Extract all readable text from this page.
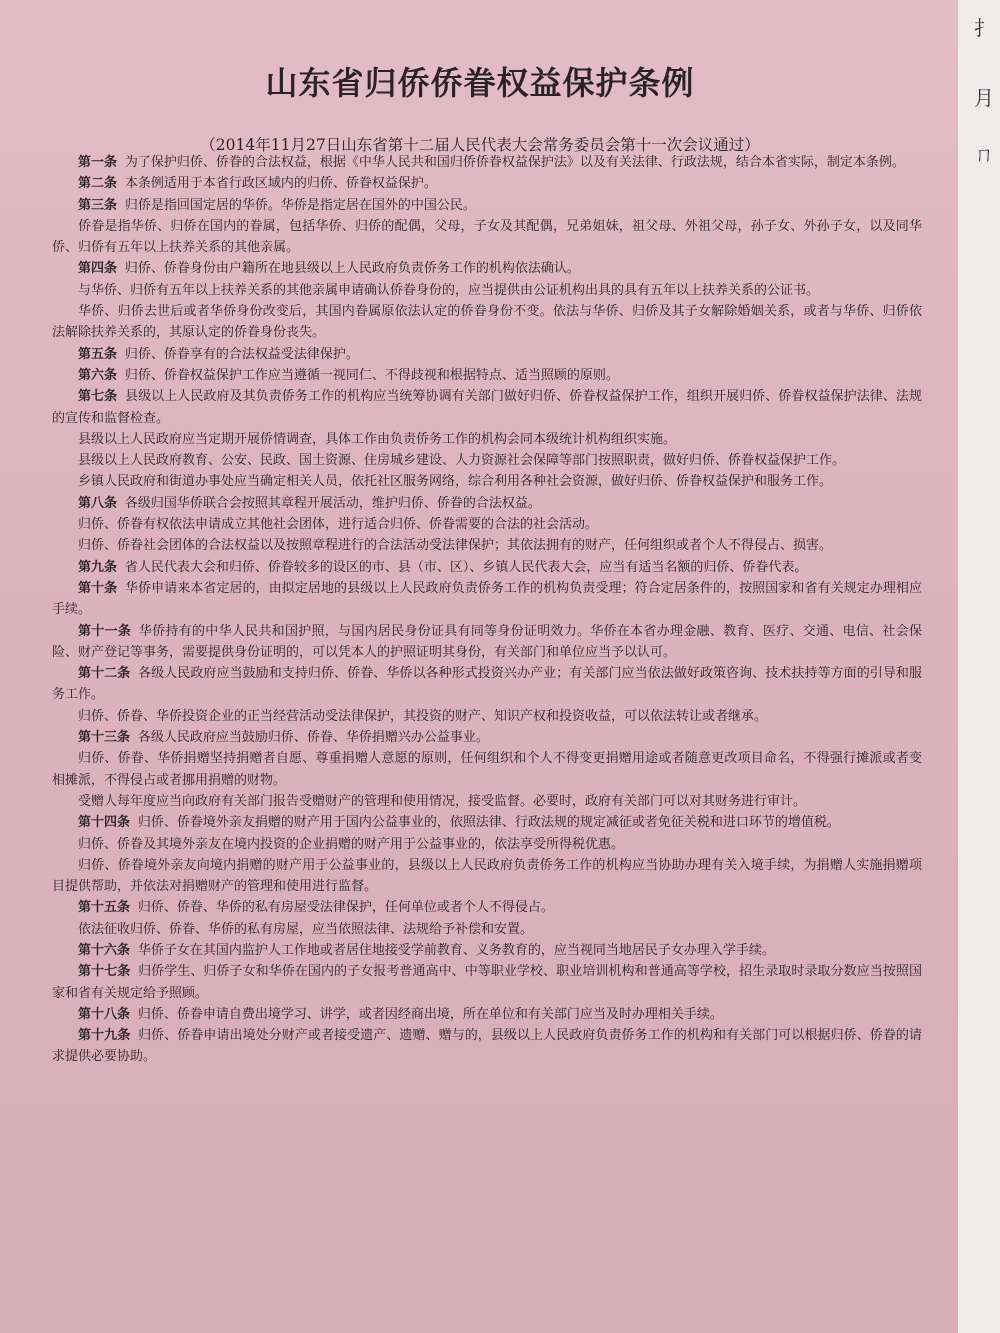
扌
月
ㄇ
山东省归侨侨眷权益保护条例
（2014年11月27日山东省第十二届人民代表大会常务委员会第十一次会议通过）

第一条 为了保护归侨、侨眷的合法权益，根据《中华人民共和国归侨侨眷权益保护法》以及有关法律、行政法规，结合本省实际，制定本条例。

第二条 本条例适用于本省行政区域内的归侨、侨眷权益保护。

第三条 归侨是指回国定居的华侨。华侨是指定居在国外的中国公民。

侨眷是指华侨、归侨在国内的眷属，包括华侨、归侨的配偶，父母，子女及其配偶，兄弟姐妹，祖父母、外祖父母，孙子女、外孙子女，以及同华侨、归侨有五年以上扶养关系的其他亲属。

第四条 归侨、侨眷身份由户籍所在地县级以上人民政府负责侨务工作的机构依法确认。

与华侨、归侨有五年以上扶养关系的其他亲属申请确认侨眷身份的，应当提供由公证机构出具的具有五年以上扶养关系的公证书。

华侨、归侨去世后或者华侨身份改变后，其国内眷属原依法认定的侨眷身份不变。依法与华侨、归侨及其子女解除婚姻关系，或者与华侨、归侨依法解除扶养关系的，其原认定的侨眷身份丧失。

第五条 归侨、侨眷享有的合法权益受法律保护。

第六条 归侨、侨眷权益保护工作应当遵循一视同仁、不得歧视和根据特点、适当照顾的原则。

第七条 县级以上人民政府及其负责侨务工作的机构应当统筹协调有关部门做好归侨、侨眷权益保护工作，组织开展归侨、侨眷权益保护法律、法规的宣传和监督检查。

县级以上人民政府应当定期开展侨情调查，具体工作由负责侨务工作的机构会同本级统计机构组织实施。

县级以上人民政府教育、公安、民政、国土资源、住房城乡建设、人力资源社会保障等部门按照职责，做好归侨、侨眷权益保护工作。

乡镇人民政府和街道办事处应当确定相关人员，依托社区服务网络，综合利用各种社会资源，做好归侨、侨眷权益保护和服务工作。

第八条 各级归国华侨联合会按照其章程开展活动，维护归侨、侨眷的合法权益。

归侨、侨眷有权依法申请成立其他社会团体，进行适合归侨、侨眷需要的合法的社会活动。

归侨、侨眷社会团体的合法权益以及按照章程进行的合法活动受法律保护；其依法拥有的财产，任何组织或者个人不得侵占、损害。

第九条 省人民代表大会和归侨、侨眷较多的设区的市、县（市、区）、乡镇人民代表大会，应当有适当名额的归侨、侨眷代表。

第十条 华侨申请来本省定居的，由拟定居地的县级以上人民政府负责侨务工作的机构负责受理；符合定居条件的，按照国家和省有关规定办理相应手续。

第十一条 华侨持有的中华人民共和国护照，与国内居民身份证具有同等身份证明效力。华侨在本省办理金融、教育、医疗、交通、电信、社会保险、财产登记等事务，需要提供身份证明的，可以凭本人的护照证明其身份，有关部门和单位应当予以认可。

第十二条 各级人民政府应当鼓励和支持归侨、侨眷、华侨以各种形式投资兴办产业；有关部门应当依法做好政策咨询、技术扶持等方面的引导和服务工作。

归侨、侨眷、华侨投资企业的正当经营活动受法律保护，其投资的财产、知识产权和投资收益，可以依法转让或者继承。

第十三条 各级人民政府应当鼓励归侨、侨眷、华侨捐赠兴办公益事业。

归侨、侨眷、华侨捐赠坚持捐赠者自愿、尊重捐赠人意愿的原则，任何组织和个人不得变更捐赠用途或者随意更改项目命名，不得强行摊派或者变相摊派，不得侵占或者挪用捐赠的财物。

受赠人每年度应当向政府有关部门报告受赠财产的管理和使用情况，接受监督。必要时，政府有关部门可以对其财务进行审计。

第十四条 归侨、侨眷境外亲友捐赠的财产用于国内公益事业的，依照法律、行政法规的规定减征或者免征关税和进口环节的增值税。

归侨、侨眷及其境外亲友在境内投资的企业捐赠的财产用于公益事业的，依法享受所得税优惠。

归侨、侨眷境外亲友向境内捐赠的财产用于公益事业的，县级以上人民政府负责侨务工作的机构应当协助办理有关入境手续，为捐赠人实施捐赠项目提供帮助，并依法对捐赠财产的管理和使用进行监督。

第十五条 归侨、侨眷、华侨的私有房屋受法律保护，任何单位或者个人不得侵占。

依法征收归侨、侨眷、华侨的私有房屋，应当依照法律、法规给予补偿和安置。

第十六条 华侨子女在其国内监护人工作地或者居住地接受学前教育、义务教育的，应当视同当地居民子女办理入学手续。

第十七条 归侨学生、归侨子女和华侨在国内的子女报考普通高中、中等职业学校、职业培训机构和普通高等学校，招生录取时录取分数应当按照国家和省有关规定给予照顾。

第十八条 归侨、侨眷申请自费出境学习、讲学，或者因经商出境，所在单位和有关部门应当及时办理相关手续。

第十九条 归侨、侨眷申请出境处分财产或者接受遗产、遗赠、赠与的，县级以上人民政府负责侨务工作的机构和有关部门可以根据归侨、侨眷的请求提供必要协助。
